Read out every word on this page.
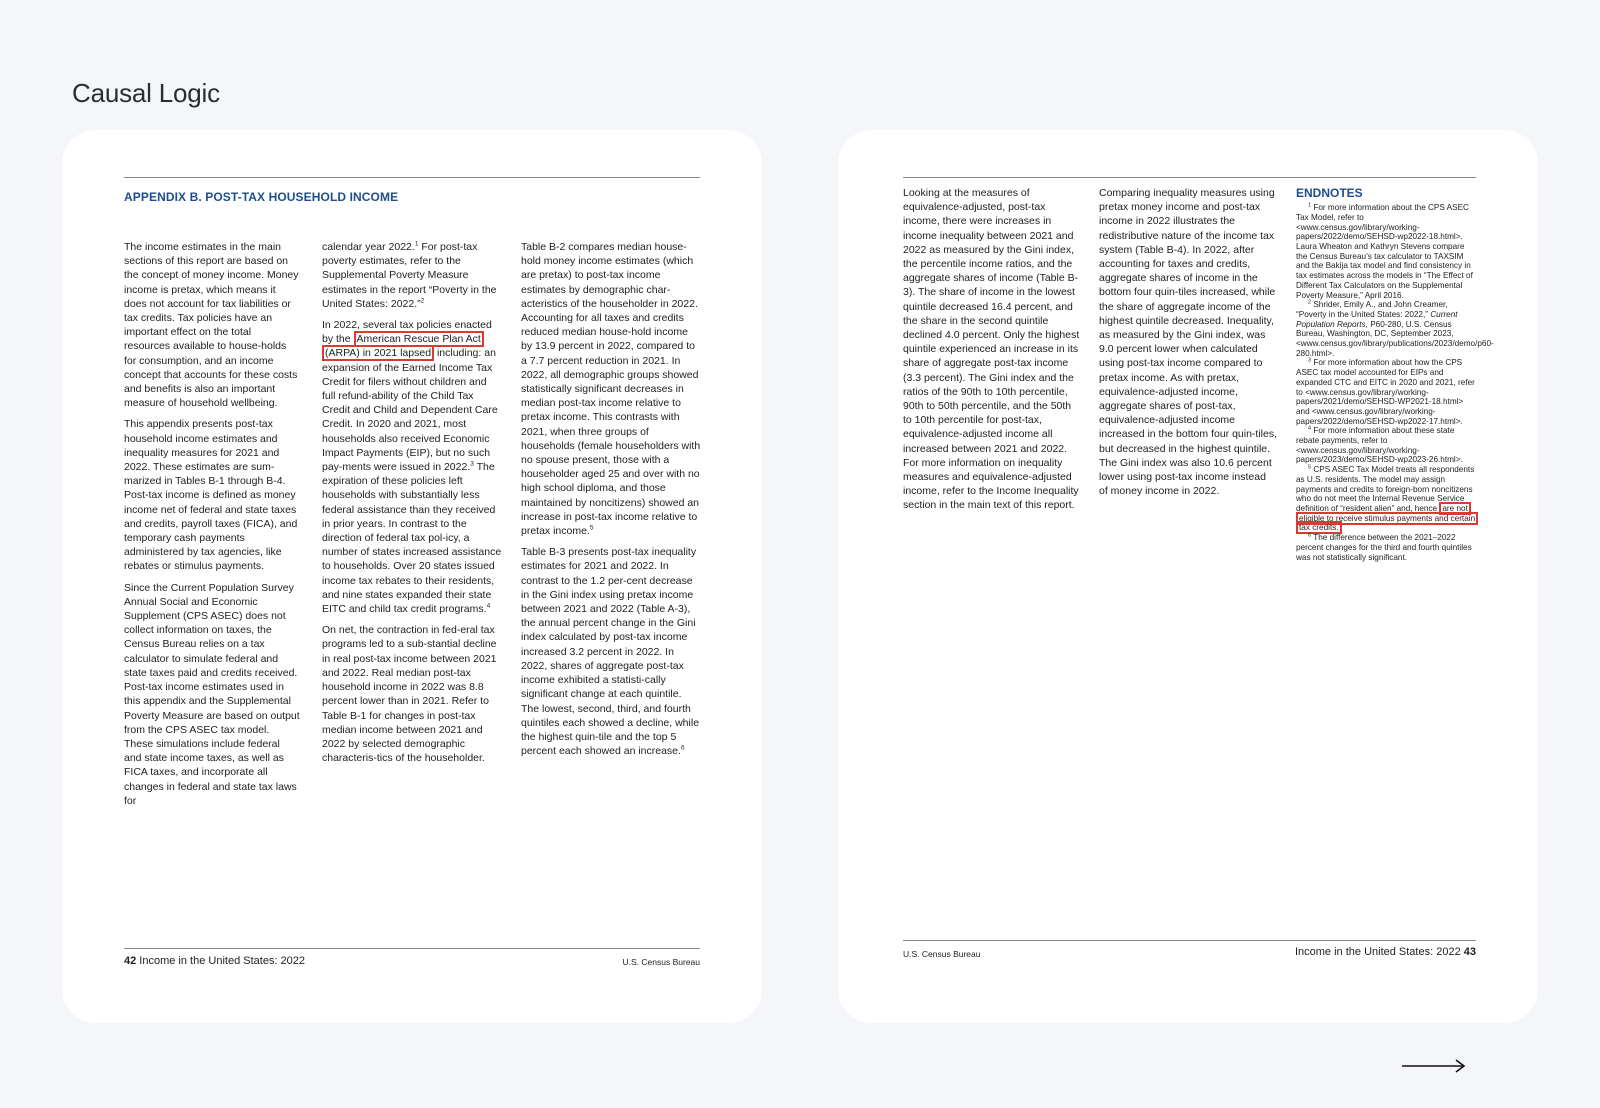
Causal Logic
APPENDIX B. POST-TAX HOUSEHOLD INCOME

The income estimates in the main sections of this report are based on the concept of money income. Money income is pretax, which means it does not account for tax liabilities or tax credits. Tax policies have an important effect on the total resources available to house-holds for consumption, and an income concept that accounts for these costs and benefits is also an important measure of household wellbeing.

This appendix presents post-tax household income estimates and inequality measures for 2021 and 2022. These estimates are sum-marized in Tables B-1 through B-4. Post-tax income is defined as money income net of federal and state taxes and credits, payroll taxes (FICA), and temporary cash payments administered by tax agencies, like rebates or stimulus payments.

Since the Current Population Survey Annual Social and Economic Supplement (CPS ASEC) does not collect information on taxes, the Census Bureau relies on a tax calculator to simulate federal and state taxes paid and credits received. Post-tax income estimates used in this appendix and the Supplemental Poverty Measure are based on output from the CPS ASEC tax model. These simulations include federal and state income taxes, as well as FICA taxes, and incorporate all changes in federal and state tax laws for

calendar year 2022.$^1$ For post-tax poverty estimates, refer to the Supplemental Poverty Measure estimates in the report “Poverty in the United States: 2022.”$^2$

In 2022, several tax policies enacted by the American Rescue Plan Act (ARPA) in 2021 lapsed including: an expansion of the Earned Income Tax Credit for filers without children and full refund-ability of the Child Tax Credit and Child and Dependent Care Credit. In 2020 and 2021, most households also received Economic Impact Payments (EIP), but no such pay-ments were issued in 2022.$^3$ The expiration of these policies left households with substantially less federal assistance than they received in prior years. In contrast to the direction of federal tax pol-icy, a number of states increased assistance to households. Over 20 states issued income tax rebates to their residents, and nine states expanded their state EITC and child tax credit programs.$^4$

On net, the contraction in fed-eral tax programs led to a sub-stantial decline in real post-tax income between 2021 and 2022. Real median post-tax household income in 2022 was 8.8 percent lower than in 2021. Refer to Table B-1 for changes in post-tax median income between 2021 and 2022 by selected demographic characteris-tics of the householder.

Table B-2 compares median house-hold money income estimates (which are pretax) to post-tax income estimates by demographic char-acteristics of the householder in 2022. Accounting for all taxes and credits reduced median house-hold income by 13.9 percent in 2022, compared to a 7.7 percent reduction in 2021. In 2022, all demographic groups showed statistically significant decreases in median post-tax income relative to pretax income. This contrasts with 2021, when three groups of households (female householders with no spouse present, those with a householder aged 25 and over with no high school diploma, and those maintained by noncitizens) showed an increase in post-tax income relative to pretax income.$^5$

Table B-3 presents post-tax inequality estimates for 2021 and 2022. In contrast to the 1.2 per-cent decrease in the Gini index using pretax income between 2021 and 2022 (Table A-3), the annual percent change in the Gini index calculated by post-tax income increased 3.2 percent in 2022. In 2022, shares of aggregate post-tax income exhibited a statisti-cally significant change at each quintile. The lowest, second, third, and fourth quintiles each showed a decline, while the highest quin-tile and the top 5 percent each showed an increase.$^6$

42 Income in the United States: 2022	U.S. Census Bureau

Looking at the measures of equivalence-adjusted, post-tax income, there were increases in income inequality between 2021 and 2022 as measured by the Gini index, the percentile income ratios, and the aggregate shares of income (Table B-3). The share of income in the lowest quintile decreased 16.4 percent, and the share in the second quintile declined 4.0 percent. Only the highest quintile experienced an increase in its share of aggregate post-tax income (3.3 percent). The Gini index and the ratios of the 90th to 10th percentile, 90th to 50th percentile, and the 50th to 10th percentile for post-tax, equivalence-adjusted income all increased between 2021 and 2022. For more information on inequality measures and equivalence-adjusted income, refer to the Income Inequality section in the main text of this report.

Comparing inequality measures using pretax money income and post-tax income in 2022 illustrates the redistributive nature of the income tax system (Table B-4). In 2022, after accounting for taxes and credits, aggregate shares of income in the bottom four quin-tiles increased, while the share of aggregate income of the highest quintile decreased. Inequality, as measured by the Gini index, was 9.0 percent lower when calculated using post-tax income compared to pretax income. As with pretax, equivalence-adjusted income, aggregate shares of post-tax, equivalence-adjusted income increased in the bottom four quin-tiles, but decreased in the highest quintile. The Gini index was also 10.6 percent lower using post-tax income instead of money income in 2022.

ENDNOTES
$^1$ For more information about the CPS ASEC Tax Model, refer to <www.census.gov/library/working-papers/2022/demo/SEHSD-wp2022-18.html>. Laura Wheaton and Kathryn Stevens compare the Census Bureau’s tax calculator to TAXSIM and the Bakija tax model and find consistency in tax estimates across the models in “The Effect of Different Tax Calculators on the Supplemental Poverty Measure,” April 2016.
$^2$ Shrider, Emily A., and John Creamer, “Poverty in the United States: 2022,” Current Population Reports, P60-280, U.S. Census Bureau, Washington, DC, September 2023, <www.census.gov/library/publications/2023/demo/p60-280.html>.
$^3$ For more information about how the CPS ASEC tax model accounted for EIPs and expanded CTC and EITC in 2020 and 2021, refer to <www.census.gov/library/working-papers/2021/demo/SEHSD-WP2021-18.html> and <www.census.gov/library/working-papers/2022/demo/SEHSD-wp2022-17.html>.
$^4$ For more information about these state rebate payments, refer to <www.census.gov/library/working-papers/2023/demo/SEHSD-wp2023-26.html>.
$^5$ CPS ASEC Tax Model treats all respondents as U.S. residents. The model may assign payments and credits to foreign-born noncitizens who do not meet the Internal Revenue Service definition of “resident alien” and, hence are not eligible to receive stimulus payments and certain tax credits.
$^6$ The difference between the 2021–2022 percent changes for the third and fourth quintiles was not statistically significant.
U.S. Census Bureau	Income in the United States: 2022 43
